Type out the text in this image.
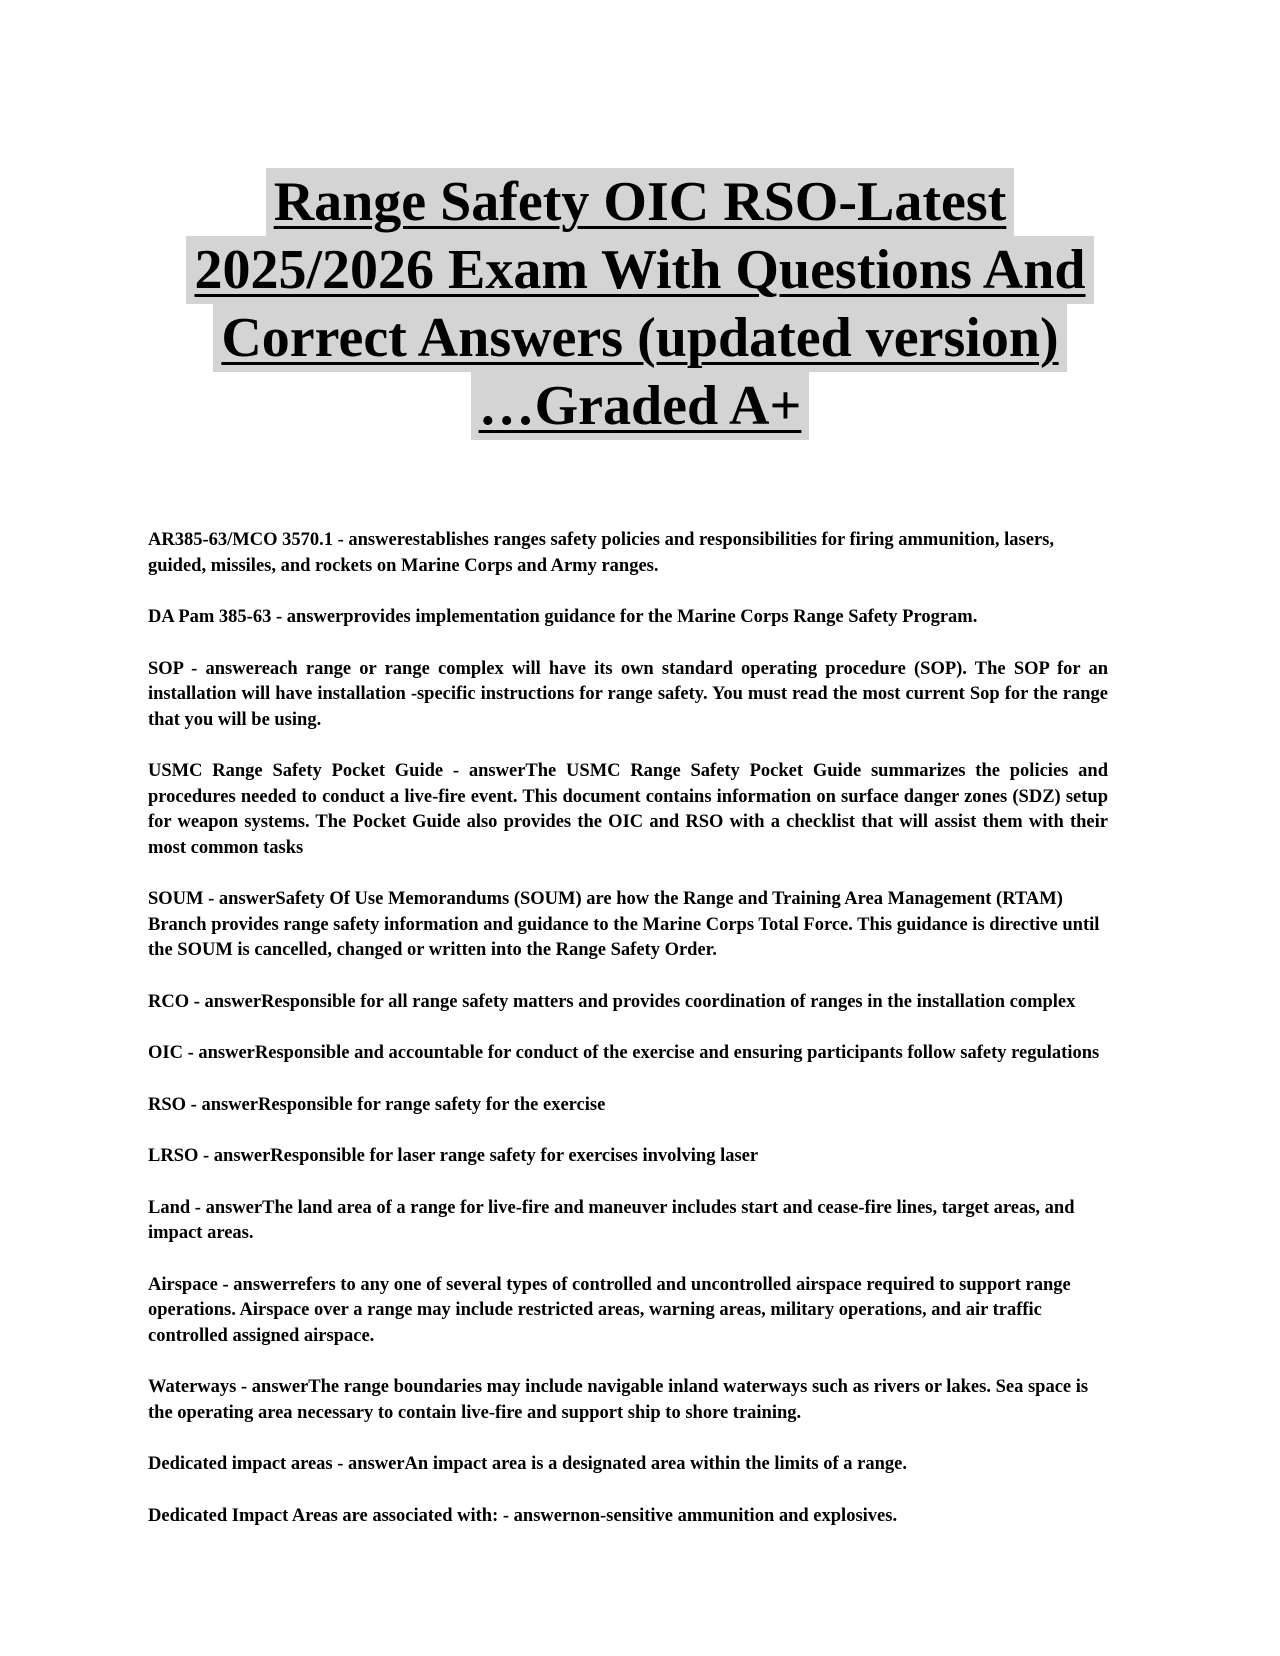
Range Safety OIC RSO-Latest
2025/2026 Exam With Questions And
Correct Answers (updated version)
…Graded A+

AR385-63/MCO 3570.1 - answerestablishes ranges safety policies and responsibilities for firing ammunition, lasers, guided, missiles, and rockets on Marine Corps and Army ranges.

DA Pam 385-63 - answerprovides implementation guidance for the Marine Corps Range Safety Program.

SOP - answereach range or range complex will have its own standard operating procedure (SOP). The SOP for an installation will have installation -specific instructions for range safety. You must read the most current Sop for the range that you will be using.

USMC Range Safety Pocket Guide - answerThe USMC Range Safety Pocket Guide summarizes the policies and procedures needed to conduct a live-fire event. This document contains information on surface danger zones (SDZ) setup for weapon systems. The Pocket Guide also provides the OIC and RSO with a checklist that will assist them with their most common tasks

SOUM - answerSafety Of Use Memorandums (SOUM) are how the Range and Training Area Management (RTAM) Branch provides range safety information and guidance to the Marine Corps Total Force. This guidance is directive until the SOUM is cancelled, changed or written into the Range Safety Order.

RCO - answerResponsible for all range safety matters and provides coordination of ranges in the installation complex

OIC - answerResponsible and accountable for conduct of the exercise and ensuring participants follow safety regulations

RSO - answerResponsible for range safety for the exercise

LRSO - answerResponsible for laser range safety for exercises involving laser

Land - answerThe land area of a range for live-fire and maneuver includes start and cease-fire lines, target areas, and impact areas.

Airspace - answerrefers to any one of several types of controlled and uncontrolled airspace required to support range operations. Airspace over a range may include restricted areas, warning areas, military operations, and air traffic controlled assigned airspace.

Waterways - answerThe range boundaries may include navigable inland waterways such as rivers or lakes. Sea space is the operating area necessary to contain live-fire and support ship to shore training.

Dedicated impact areas - answerAn impact area is a designated area within the limits of a range.

Dedicated Impact Areas are associated with: - answernon-sensitive ammunition and explosives.
